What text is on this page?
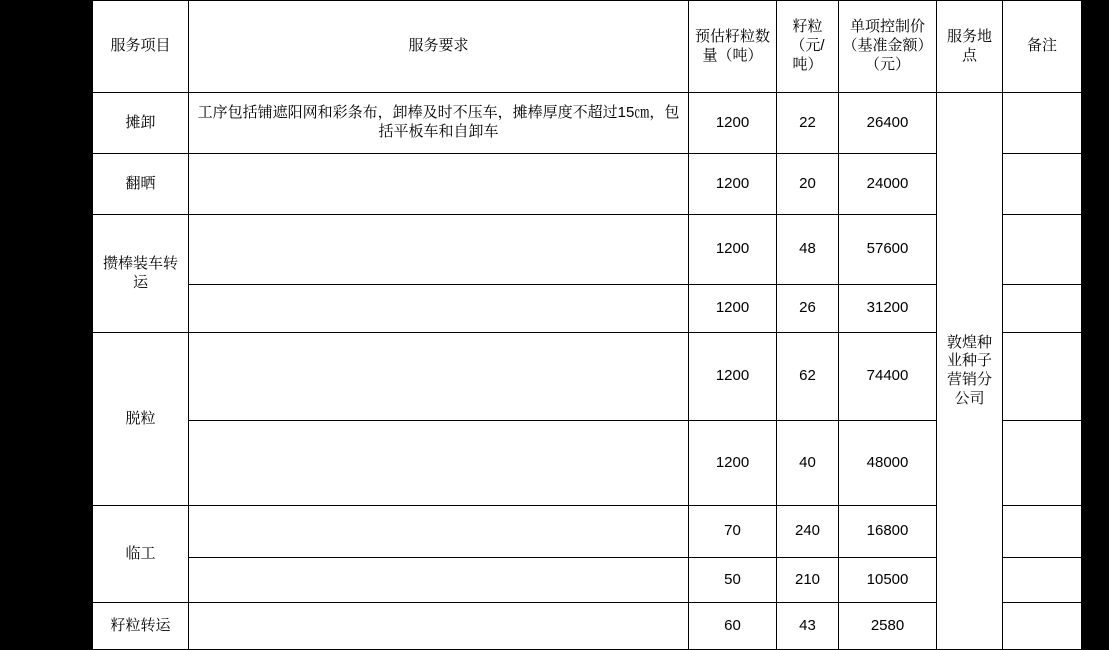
服务项目	服务要求	预估籽粒数量（吨）	籽粒（元/吨）	单项控制价（基准金额）（元）	服务地点	备注
摊卸	工序包括铺遮阳网和彩条布，卸棒及时不压车，摊棒厚度不超过15㎝，包括平板车和自卸车	1200	22	26400	敦煌种业种子营销分公司	
翻晒		1200	20	24000		
攒棒装车转运		1200	48	57600		
		1200	26	31200		
脱粒		1200	62	74400		
		1200	40	48000		
临工		70	240	16800		
		50	210	10500		
籽粒转运		60	43	2580		
